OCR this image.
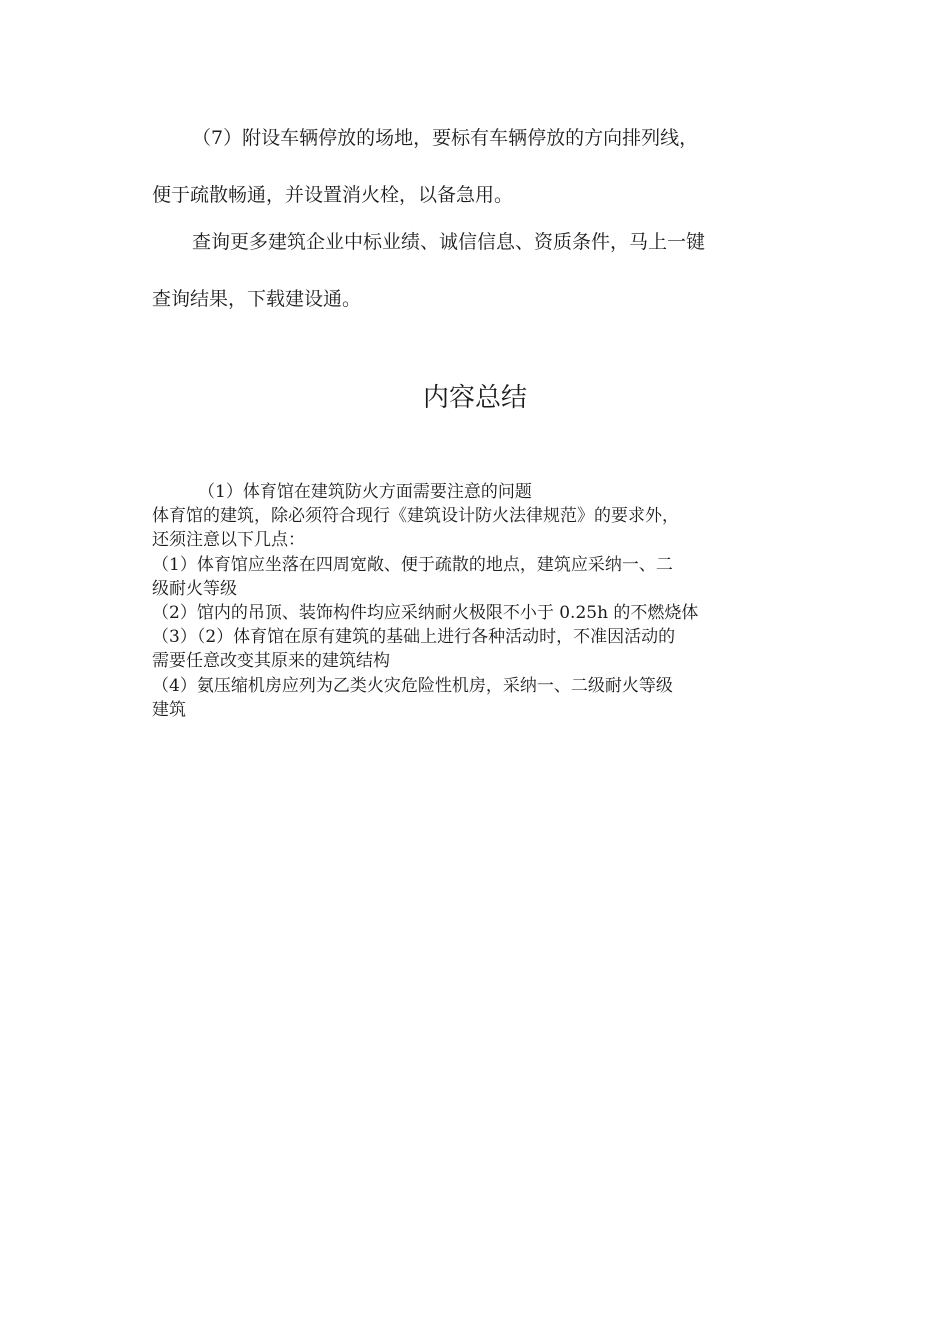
（7）附设车辆停放的场地，要标有车辆停放的方向排列线，
便于疏散畅通，并设置消火栓，以备急用。

查询更多建筑企业中标业绩、诚信信息、资质条件，马上一键
查询结果，下载建设通。

内容总结
（1）体育馆在建筑防火方面需要注意的问题
体育馆的建筑，除必须符合现行《建筑设计防火法律规范》的要求外，
还须注意以下几点：
（1）体育馆应坐落在四周宽敞、便于疏散的地点，建筑应采纳一、二
级耐火等级
（2）馆内的吊顶、装饰构件均应采纳耐火极限不小于 0.25h 的不燃烧体
（3）（2）体育馆在原有建筑的基础上进行各种活动时，不准因活动的
需要任意改变其原来的建筑结构
（4）氨压缩机房应列为乙类火灾危险性机房，采纳一、二级耐火等级
建筑
